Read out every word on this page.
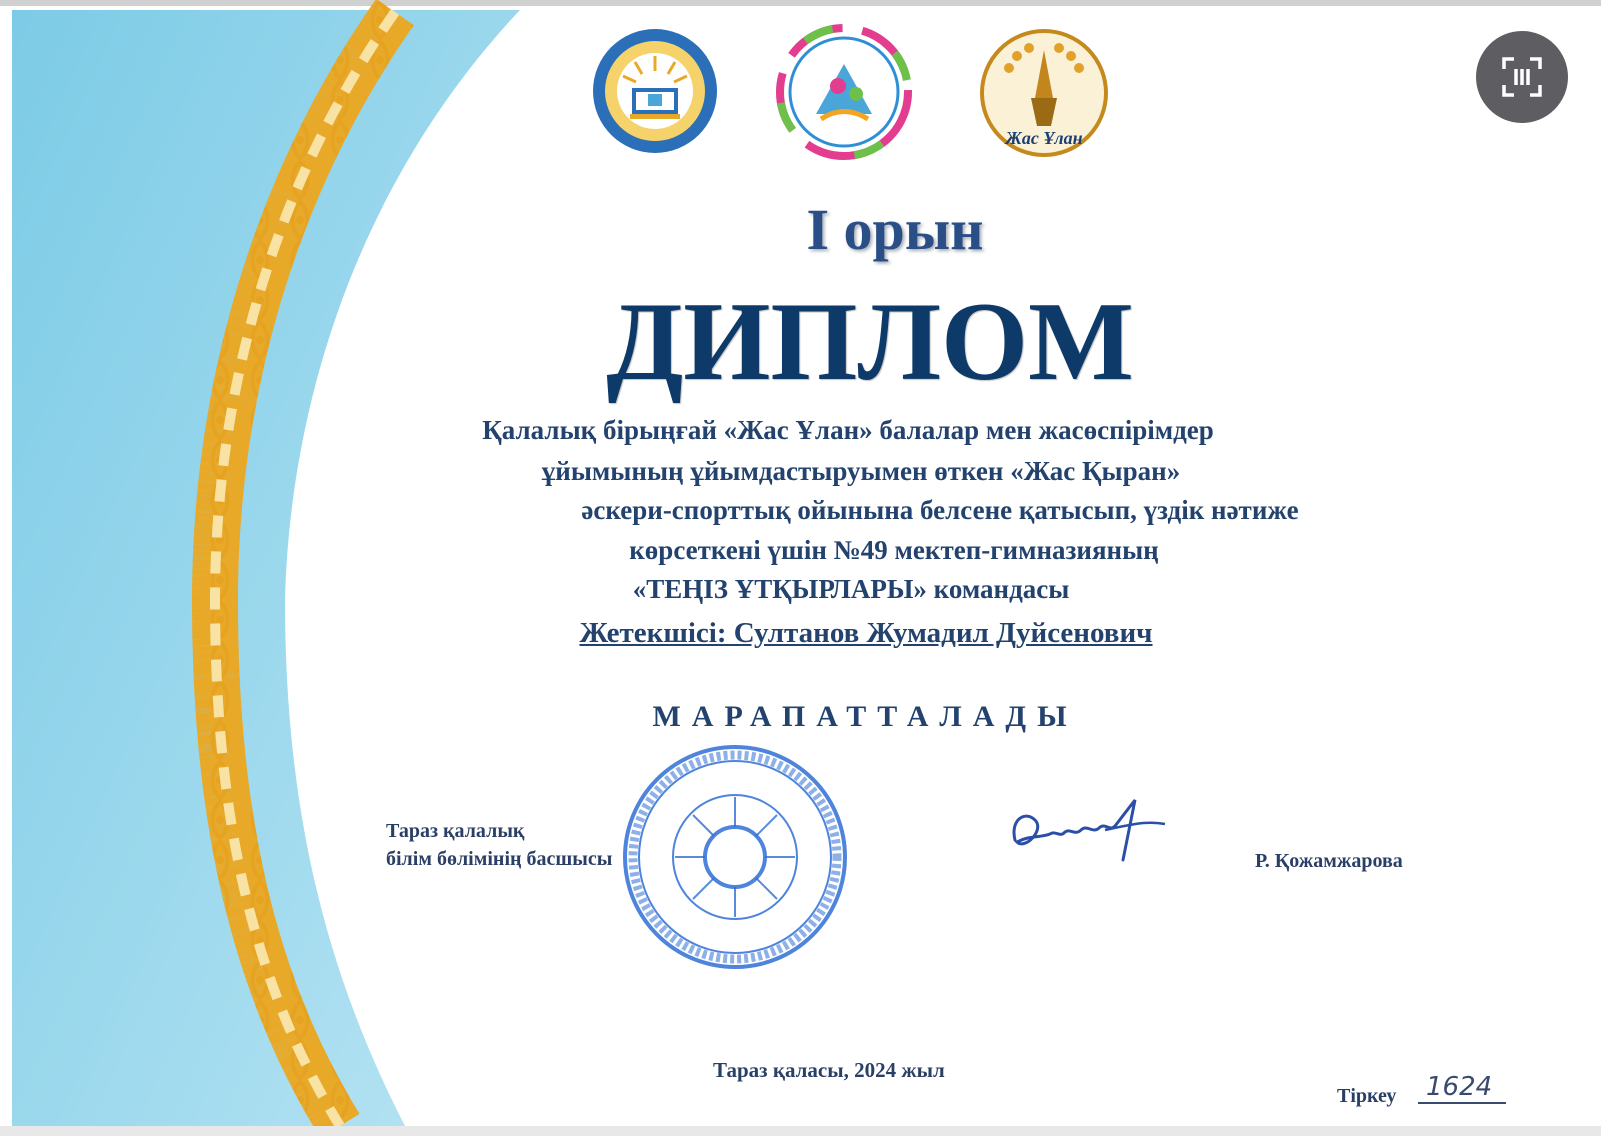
Жас Ұлан
I орын
ДИПЛОМ
Қалалық бірыңғай «Жас Ұлан» балалар мен жасөспірімдер
ұйымының ұйымдастыруымен өткен «Жас Қыран»
әскери-спорттық ойынына белсене қатысып, үздік нәтиже
көрсеткені үшін №49 мектеп-гимназияның
«ТЕҢІЗ ҰТҚЫРЛАРЫ» командасы
Жетекшісі: Султанов Жумадил Дуйсенович
МАРАПАТТАЛАДЫ
Тараз қалалық
білім бөлімінің басшысы	Р. Қожамжарова
Тараз қаласы, 2024 жыл
Тіркеу	1624
